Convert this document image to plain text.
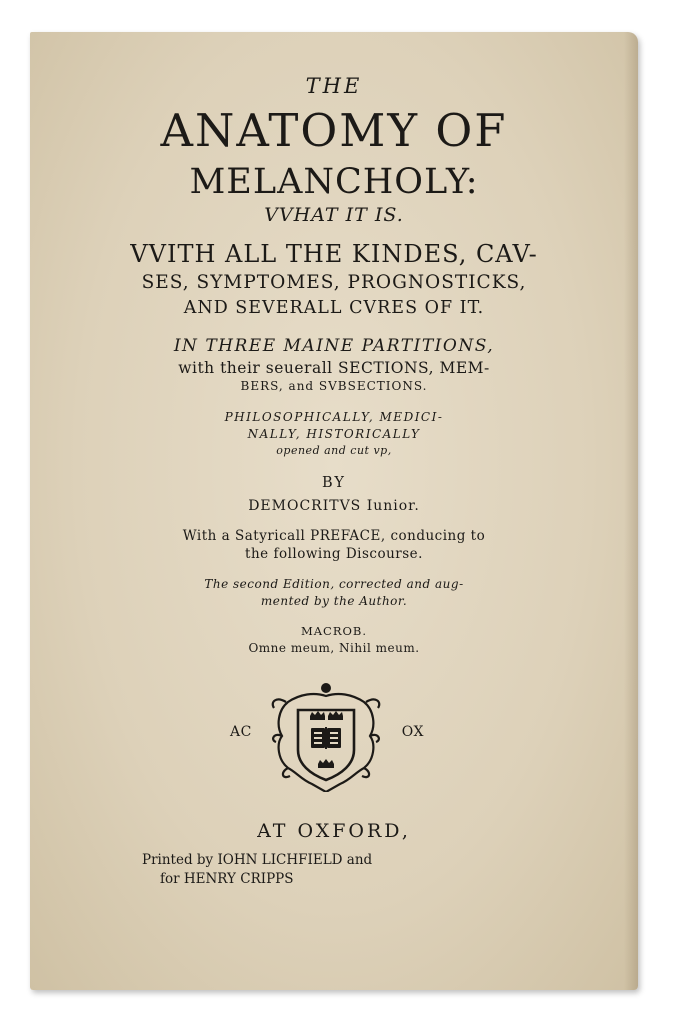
THE
ANATOMY OF
MELANCHOLY:
VVHAT IT IS.
VVITH ALL THE KINDES, CAV-
SES, SYMPTOMES, PROGNOSTICKS,
AND SEVERALL CVRES OF IT.
IN THREE MAINE PARTITIONS,
with their seuerall SECTIONS, MEM-
BERS, and SVBSECTIONS.
PHILOSOPHICALLY, MEDICI-
NALLY, HISTORICALLY
opened and cut vp,
BY
DEMOCRITVS Iunior.
With a Satyricall PREFACE, conducing to
the following Discourse.
The second Edition, corrected and aug-
mented by the Author.
MACROB.
Omne meum, Nihil meum.
AC	OX
AT OXFORD,
Printed by IOHN LICHFIELD and
for HENRY CRIPPS
